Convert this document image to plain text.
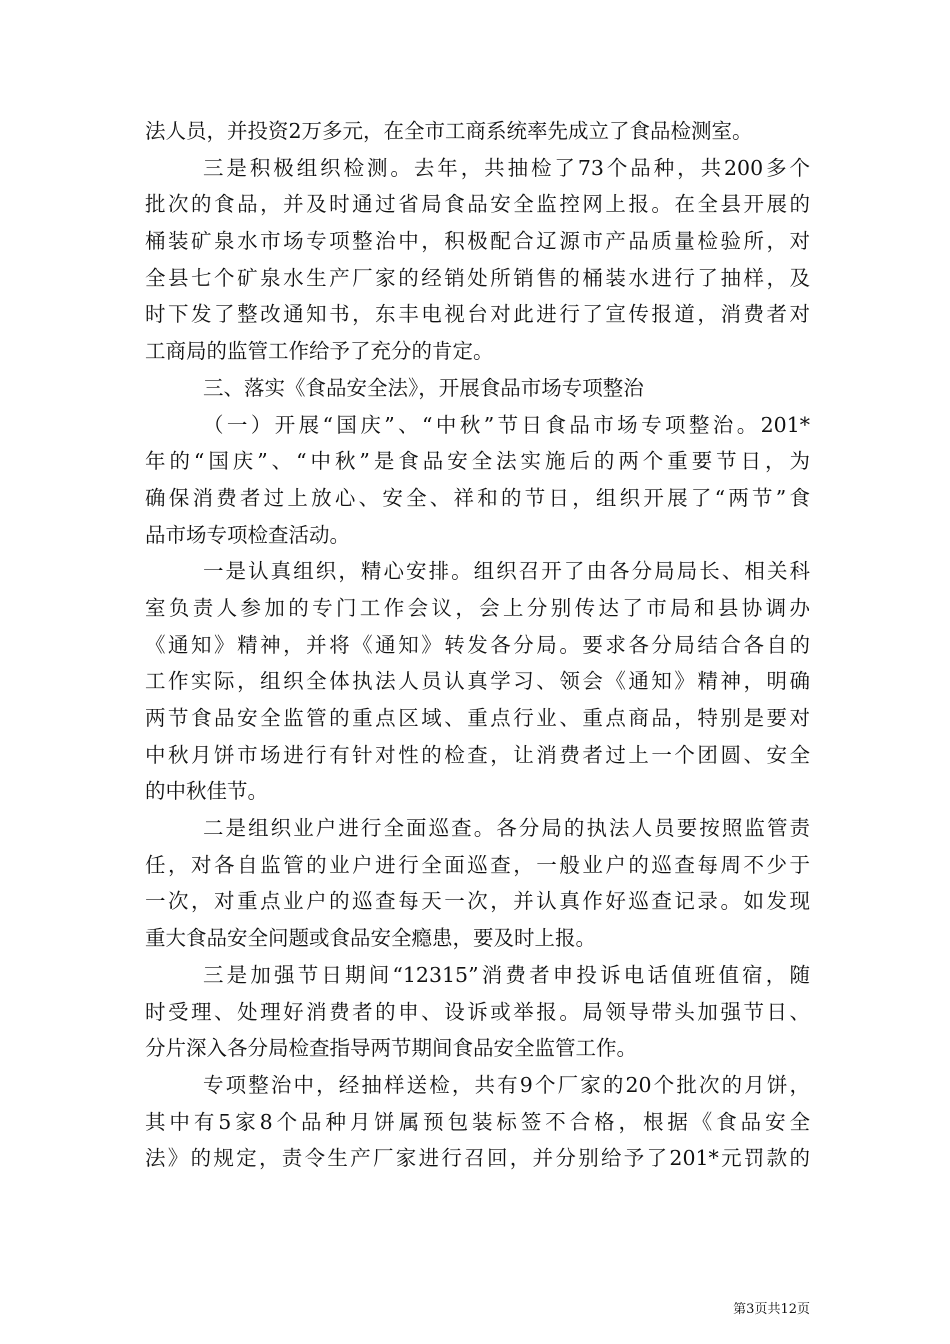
法人员，并投资2万多元，在全市工商系统率先成立了食品检测室。
三是积极组织检测。去年，共抽检了73个品种，共200多个
批次的食品，并及时通过省局食品安全监控网上报。在全县开展的
桶装矿泉水市场专项整治中，积极配合辽源市产品质量检验所，对
全县七个矿泉水生产厂家的经销处所销售的桶装水进行了抽样，及
时下发了整改通知书，东丰电视台对此进行了宣传报道，消费者对
工商局的监管工作给予了充分的肯定。
三、落实《食品安全法》，开展食品市场专项整治
（一）开展“国庆”、“中秋”节日食品市场专项整治。201*
年的“国庆”、“中秋”是食品安全法实施后的两个重要节日，为
确保消费者过上放心、安全、祥和的节日，组织开展了“两节”食
品市场专项检查活动。
一是认真组织，精心安排。组织召开了由各分局局长、相关科
室负责人参加的专门工作会议，会上分别传达了市局和县协调办
《通知》精神，并将《通知》转发各分局。要求各分局结合各自的
工作实际，组织全体执法人员认真学习、领会《通知》精神，明确
两节食品安全监管的重点区域、重点行业、重点商品，特别是要对
中秋月饼市场进行有针对性的检查，让消费者过上一个团圆、安全
的中秋佳节。
二是组织业户进行全面巡查。各分局的执法人员要按照监管责
任，对各自监管的业户进行全面巡查，一般业户的巡查每周不少于
一次，对重点业户的巡查每天一次，并认真作好巡查记录。如发现
重大食品安全问题或食品安全瘾患，要及时上报。
三是加强节日期间“12315”消费者申投诉电话值班值宿，随
时受理、处理好消费者的申、设诉或举报。局领导带头加强节日、
分片深入各分局检查指导两节期间食品安全监管工作。
专项整治中，经抽样送检，共有9个厂家的20个批次的月饼，
其中有5家8个品种月饼属预包装标签不合格，根据《食品安全
法》的规定，责令生产厂家进行召回，并分别给予了201*元罚款的
第3页共12页
